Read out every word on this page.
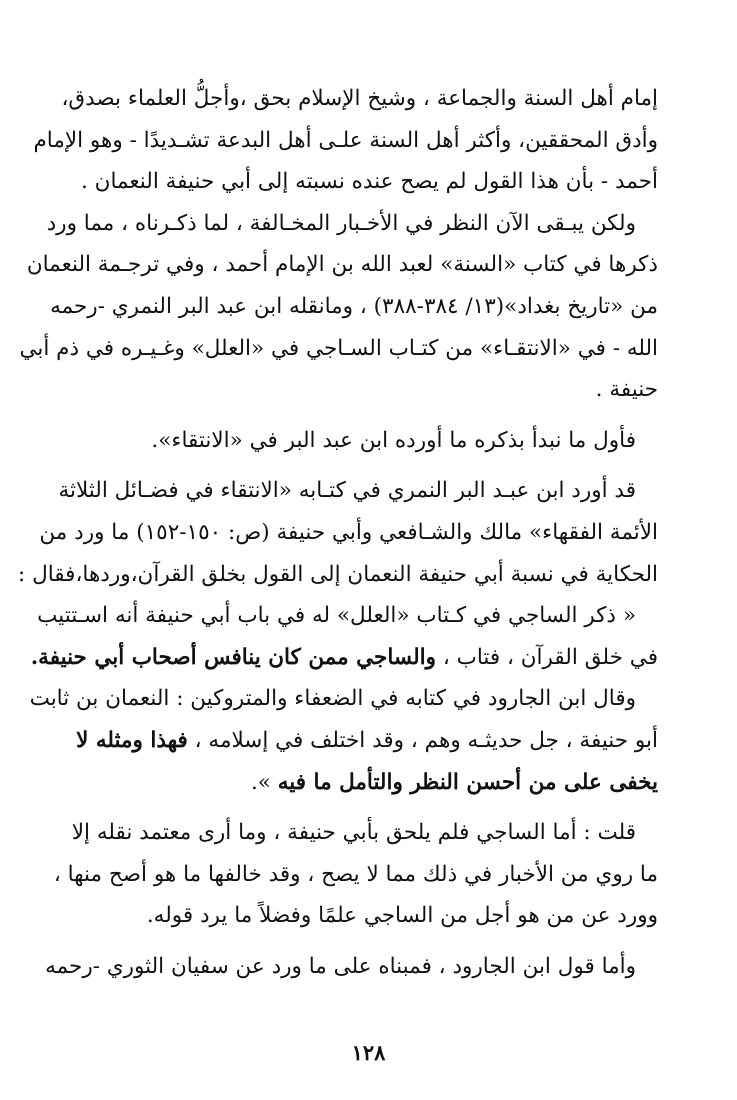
إمام أهل السنة والجماعة ، وشيخ الإسلام بحق ،وأجلُّ العلماء بصدق،
وأدق المحققين، وأكثر أهل السنة علـى أهل البدعة تشـديدًا - وهو الإمام
أحمد - بأن هذا القول لم يصح عنده نسبته إلى أبي حنيفة النعمان .
ولكن يبـقى الآن النظر في الأخـبار المخـالفة ، لما ذكـرناه ، مما ورد
ذكرها في كتاب «السنة» لعبد الله بن الإمام أحمد ، وفي ترجـمة النعمان
من «تاريخ بغداد»(١٣/ ٣٨٤-٣٨٨) ، ومانقله ابن عبد البر النمري -رحمه
الله - في «الانتقـاء» من كتـاب السـاجي في «العلل» وغـيـره في ذم أبي
حنيفة .
فأول ما نبدأ بذكره ما أورده ابن عبد البر في «الانتقاء».
قد أورد ابن عبـد البر النمري في كتـابه «الانتقاء في فضـائل الثلاثة
الأئمة الفقهاء» مالك والشـافعي وأبي حنيفة (ص: ١٥٠-١٥٢) ما ورد من
الحكاية في نسبة أبي حنيفة النعمان إلى القول بخلق القرآن،وردها،فقال :
« ذكر الساجي في كـتاب «العلل» له في باب أبي حنيفة أنه اسـتتيب
في خلق القرآن ، فتاب ، والساجي ممن كان ينافس أصحاب أبي حنيفة.
وقال ابن الجارود في كتابه في الضعفاء والمتروكين : النعمان بن ثابت
أبو حنيفة ، جل حديثـه وهم ، وقد اختلف في إسلامه ، فهذا ومثله لا
يخفى على من أحسن النظر والتأمل ما فيه ».
قلت : أما الساجي فلم يلحق بأبي حنيفة ، وما أرى معتمد نقله إلا
ما روي من الأخبار في ذلك مما لا يصح ، وقد خالفها ما هو أصح منها ،
وورد عن من هو أجل من الساجي علمًا وفضلاً ما يرد قوله.
وأما قول ابن الجارود ، فمبناه على ما ورد عن سفيان الثوري -رحمه
١٢٨
